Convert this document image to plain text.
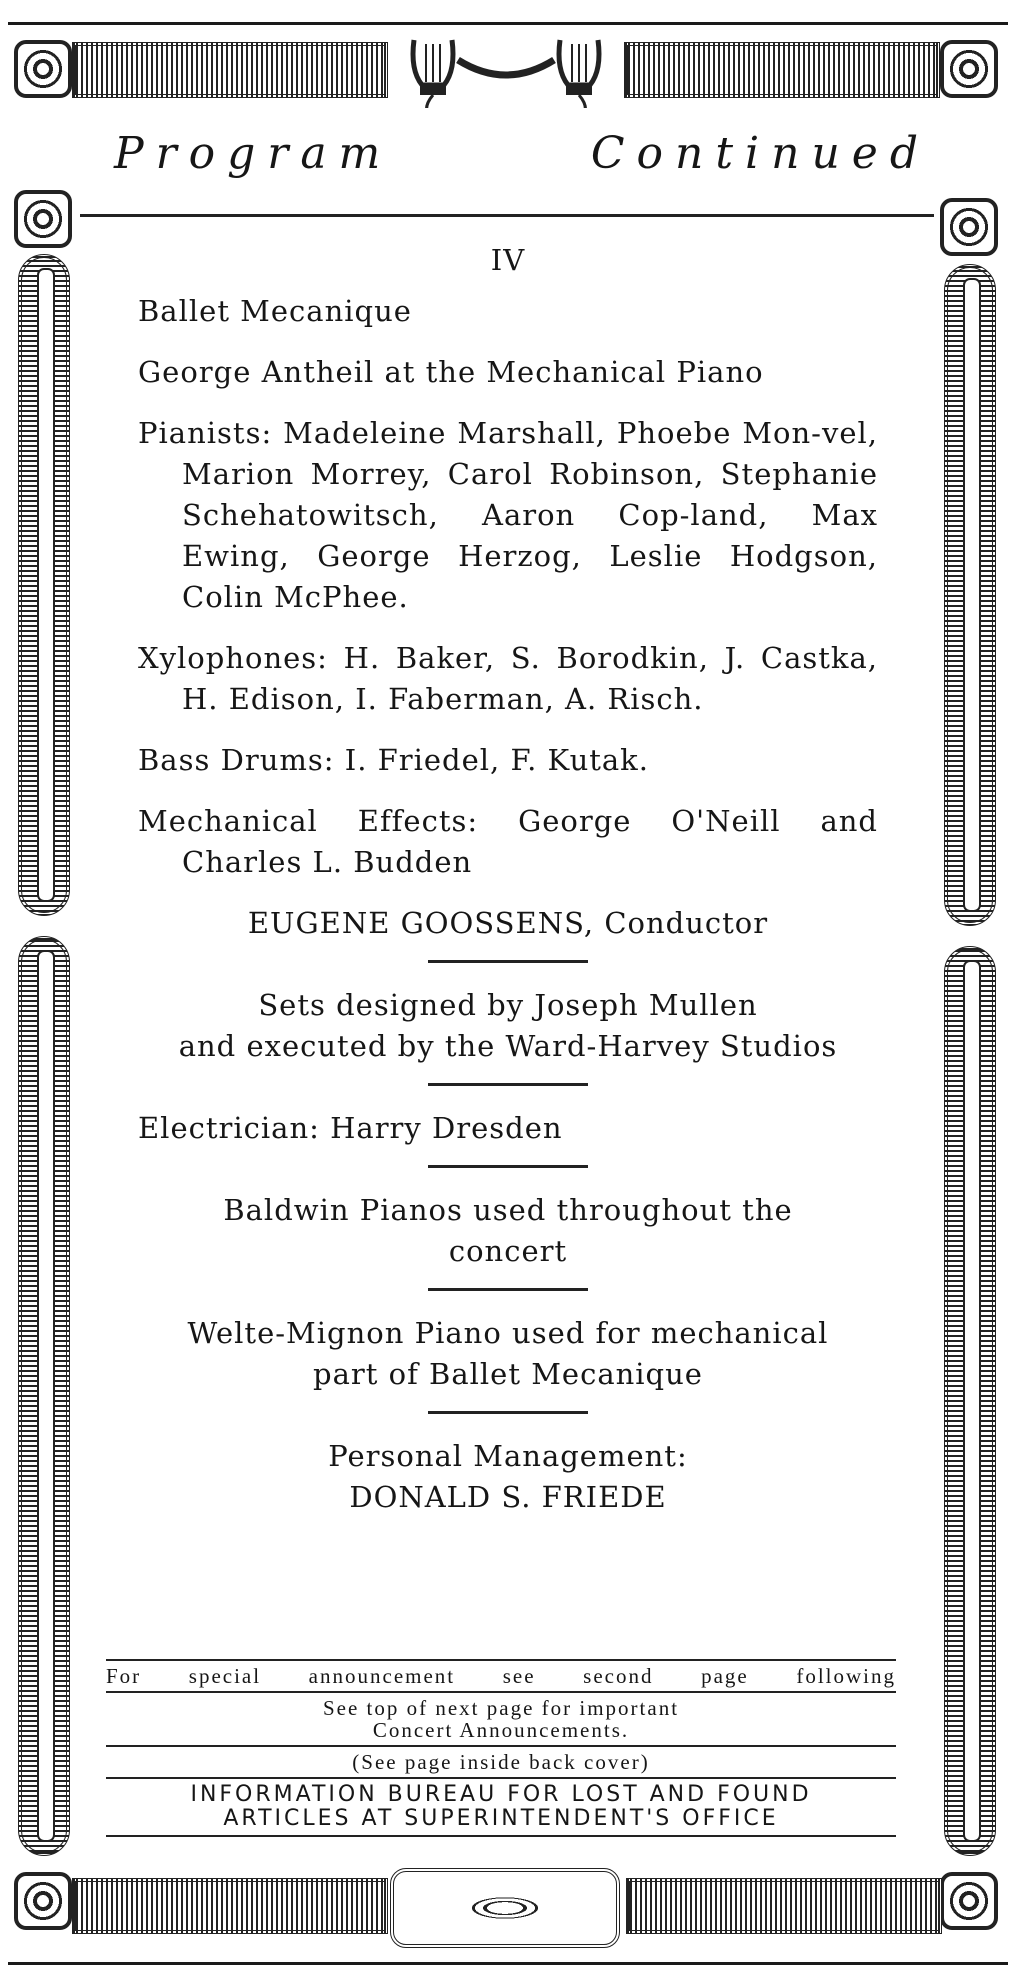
Program	Continued

IV

Ballet Mecanique

George Antheil at the Mechanical Piano

Pianists: Madeleine Marshall, Phoebe Mon-vel, Marion Morrey, Carol Robinson, Stephanie Schehatowitsch, Aaron Cop-land, Max Ewing, George Herzog, Leslie Hodgson, Colin McPhee.

Xylophones: H. Baker, S. Borodkin, J. Castka, H. Edison, I. Faberman, A. Risch.

Bass Drums: I. Friedel, F. Kutak.

Mechanical Effects: George O'Neill and Charles L. Budden

EUGENE GOOSSENS, Conductor

Sets designed by Joseph Mullen

and executed by the Ward-Harvey Studios

Electrician: Harry Dresden

Baldwin Pianos used throughout the

concert

Welte-Mignon Piano used for mechanical

part of Ballet Mecanique

Personal Management:

DONALD S. FRIEDE

For special announcement see second page following
See top of next page for important
Concert Announcements.
(See page inside back cover)
INFORMATION BUREAU FOR LOST AND FOUND
ARTICLES AT SUPERINTENDENT'S OFFICE
